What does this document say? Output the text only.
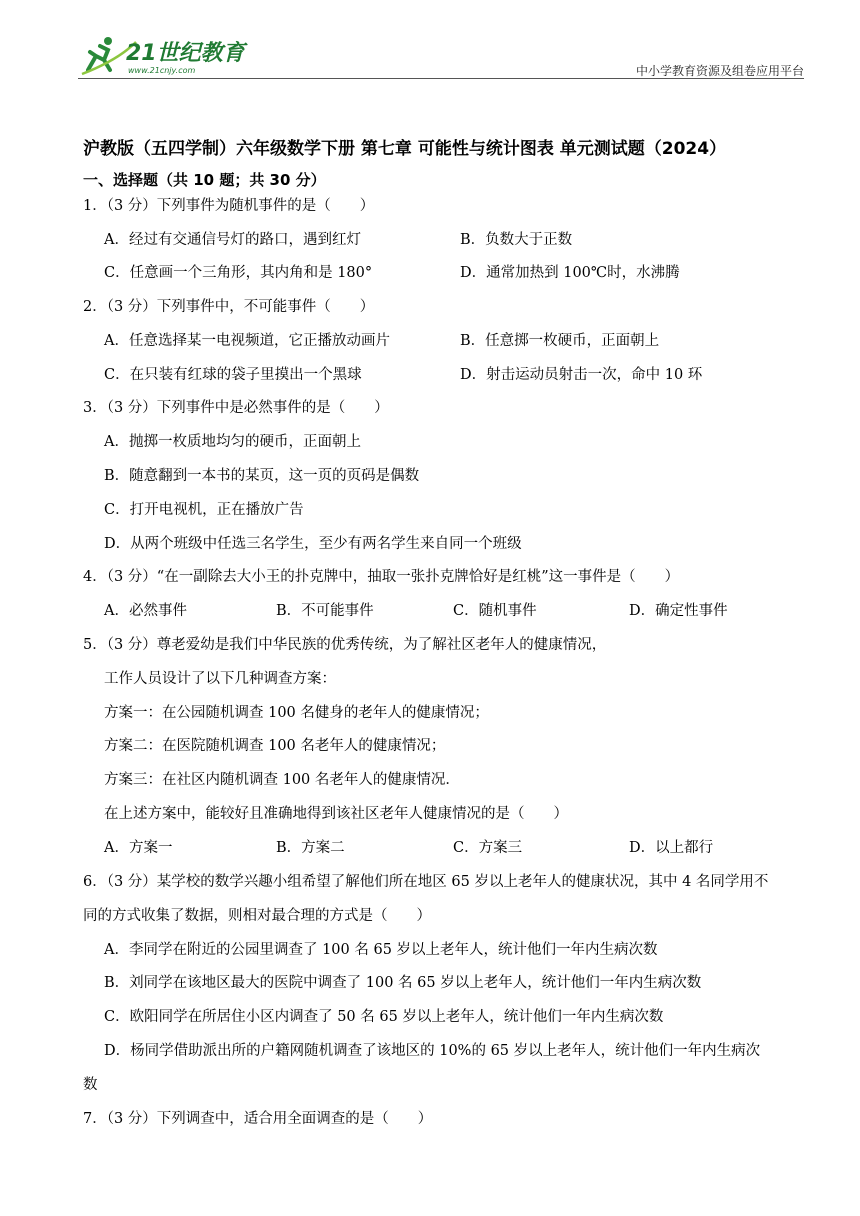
21世纪教育
www.21cnjy.com	中小学教育资源及组卷应用平台
沪教版（五四学制）六年级数学下册 第七章 可能性与统计图表 单元测试题（2024）
一、选择题（共 10 题；共 30 分）
1．（3 分）下列事件为随机事件的是（　　）
A．经过有交通信号灯的路口，遇到红灯	B．负数大于正数
C．任意画一个三角形，其内角和是 180°	D．通常加热到 100℃时，水沸腾
2．（3 分）下列事件中，不可能事件（　　）
A．任意选择某一电视频道，它正播放动画片	B．任意掷一枚硬币，正面朝上
C．在只装有红球的袋子里摸出一个黑球	D．射击运动员射击一次，命中 10 环
3．（3 分）下列事件中是必然事件的是（　　）
A．抛掷一枚质地均匀的硬币，正面朝上
B．随意翻到一本书的某页，这一页的页码是偶数
C．打开电视机，正在播放广告
D．从两个班级中任选三名学生，至少有两名学生来自同一个班级
4．（3 分）“在一副除去大小王的扑克牌中，抽取一张扑克牌恰好是红桃”这一事件是（　　）
A．必然事件	B．不可能事件	C．随机事件	D．确定性事件
5．（3 分）尊老爱幼是我们中华民族的优秀传统，为了解社区老年人的健康情况，
工作人员设计了以下几种调查方案：
方案一：在公园随机调查 100 名健身的老年人的健康情况；
方案二：在医院随机调查 100 名老年人的健康情况；
方案三：在社区内随机调查 100 名老年人的健康情况．
在上述方案中，能较好且准确地得到该社区老年人健康情况的是（　　）
A．方案一	B．方案二	C．方案三	D．以上都行
6．（3 分）某学校的数学兴趣小组希望了解他们所在地区 65 岁以上老年人的健康状况，其中 4 名同学用不
同的方式收集了数据，则相对最合理的方式是（　　）
A．李同学在附近的公园里调查了 100 名 65 岁以上老年人，统计他们一年内生病次数
B．刘同学在该地区最大的医院中调查了 100 名 65 岁以上老年人，统计他们一年内生病次数
C．欧阳同学在所居住小区内调查了 50 名 65 岁以上老年人，统计他们一年内生病次数
D．杨同学借助派出所的户籍网随机调查了该地区的 10%的 65 岁以上老年人，统计他们一年内生病次
数
7．（3 分）下列调查中，适合用全面调查的是（　　）
